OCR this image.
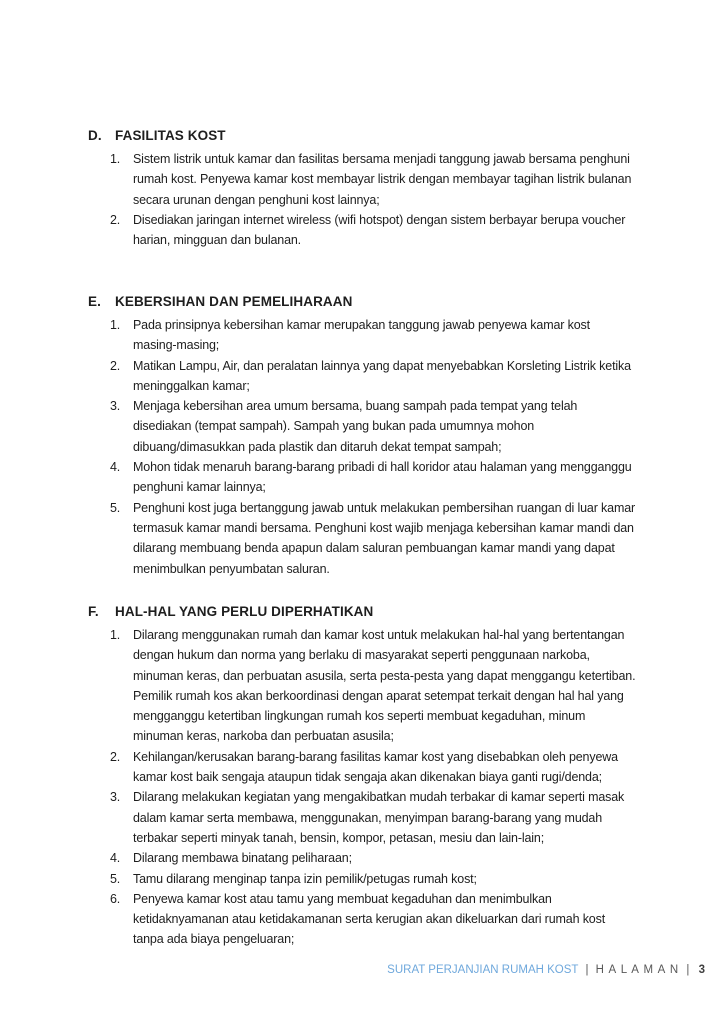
D. FASILITAS KOST
1.	Sistem listrik untuk kamar dan fasilitas bersama menjadi tanggung jawab bersama penghuni rumah kost. Penyewa kamar kost membayar listrik dengan membayar tagihan listrik bulanan secara urunan dengan penghuni kost lainnya;
2.	Disediakan jaringan internet wireless (wifi hotspot) dengan sistem berbayar berupa voucher harian, mingguan dan bulanan.
E.	KEBERSIHAN DAN PEMELIHARAAN
1.	Pada prinsipnya kebersihan kamar merupakan tanggung jawab penyewa kamar kost masing-masing;
2.	Matikan Lampu, Air, dan peralatan lainnya yang dapat menyebabkan Korsleting Listrik ketika meninggalkan kamar;
3.	Menjaga kebersihan area umum bersama, buang sampah pada tempat yang telah disediakan (tempat sampah). Sampah yang bukan pada umumnya mohon dibuang/dimasukkan pada plastik dan ditaruh dekat tempat sampah;
4.	Mohon tidak menaruh barang-barang pribadi di hall koridor atau halaman yang mengganggu penghuni kamar lainnya;
5.	Penghuni kost juga bertanggung jawab untuk melakukan pembersihan ruangan di luar kamar termasuk kamar mandi bersama. Penghuni kost wajib menjaga kebersihan kamar mandi dan dilarang membuang benda apapun dalam saluran pembuangan kamar mandi yang dapat menimbulkan penyumbatan saluran.
F.	HAL-HAL YANG PERLU DIPERHATIKAN
1.	Dilarang menggunakan rumah dan kamar kost untuk melakukan hal-hal yang bertentangan dengan hukum dan norma yang berlaku di masyarakat seperti penggunaan narkoba, minuman keras, dan perbuatan asusila, serta pesta-pesta yang dapat menggangu ketertiban. Pemilik rumah kos akan berkoordinasi dengan aparat setempat terkait dengan hal hal yang mengganggu ketertiban lingkungan rumah kos seperti membuat kegaduhan, minum minuman keras, narkoba dan perbuatan asusila;
2.	Kehilangan/kerusakan barang-barang fasilitas kamar kost yang disebabkan oleh penyewa kamar kost baik sengaja ataupun tidak sengaja akan dikenakan biaya ganti rugi/denda;
3.	Dilarang melakukan kegiatan yang mengakibatkan mudah terbakar di kamar seperti masak dalam kamar serta membawa, menggunakan, menyimpan barang-barang yang mudah terbakar seperti minyak tanah, bensin, kompor, petasan, mesiu dan lain-lain;
4.	Dilarang membawa binatang peliharaan;
5.	Tamu dilarang menginap tanpa izin pemilik/petugas rumah kost;
6.	Penyewa kamar kost atau tamu yang membuat kegaduhan dan menimbulkan ketidaknyamanan atau ketidakamanan serta kerugian akan dikeluarkan dari rumah kost tanpa ada biaya pengeluaran;
SURAT PERJANJIAN RUMAH KOST | H A L A M A N | 3
